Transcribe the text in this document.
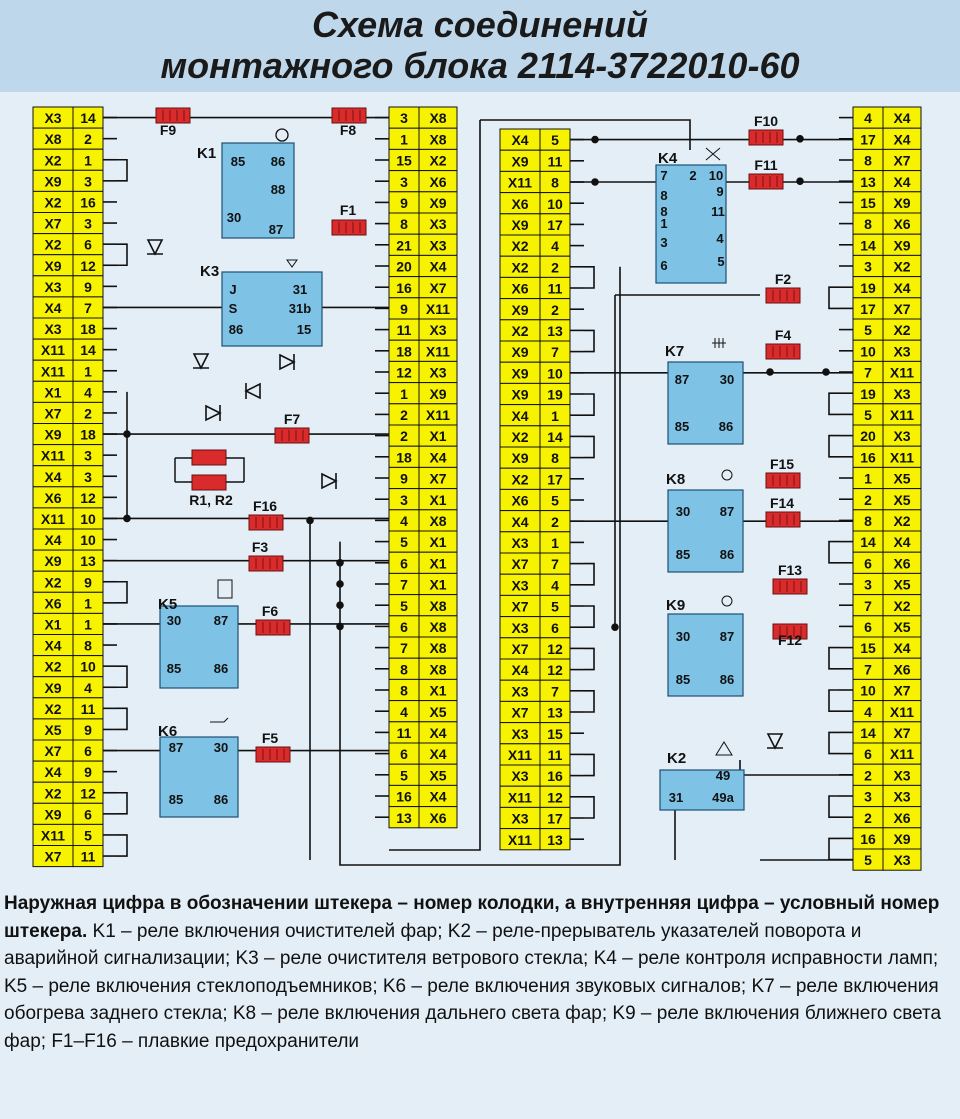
Схема соединений
монтажного блока 2114-3722010-60
X3 14
X8 2
X2 1
X9 3
X2 16
X7 3
X2 6
X9 12
X3 9
X4 7
X3 18
X11 14
X11 1
X1 4
X7 2
X9 18
X11 3
X4 3
X6 12
X11 10
X4 10
X9 13
X2 9
X6 1
X1 1
X4 8
X2 10
X9 4
X2 11
X5 9
X7 6
X4 9
X2 12
X9 6
X11 5
X7 11
3 X8
1 X8
15 X2
3 X6
9 X9
8 X3
21 X3
20 X4
16 X7
9 X11
11 X3
18 X11
12 X3
1 X9
2 X11
2 X1
18 X4
9 X7
3 X1
4 X8
5 X1
6 X1
7 X1
5 X8
6 X8
7 X8
8 X8
8 X1
4 X5
11 X4
6 X4
5 X5
16 X4
13 X6
X4 5
X9 11
X11 8
X6 10
X9 17
X2 4
X2 2
X6 11
X9 2
X2 13
X9 7
X9 10
X9 19
X4 1
X2 14
X9 8
X2 17
X6 5
X4 2
X3 1
X7 7
X3 4
X7 5
X3 6
X7 12
X4 12
X3 7
X7 13
X3 15
X11 11
X3 16
X11 12
X3 17
X11 13
4 X4
17 X4
8 X7
13 X4
15 X9
8 X6
14 X9
3 X2
19 X4
17 X7
5 X2
10 X3
7 X11
19 X3
5 X11
20 X3
16 X11
1 X5
2 X5
8 X2
14 X4
6 X6
3 X5
7 X2
6 X5
15 X4
7 X6
10 X7
4 X11
14 X7
6 X11
2 X3
3 X3
2 X6
16 X9
5 X3
K1 85 86
88
30
87
K3
J	31
S	31b
86	15
K4
7 2 10
8	9
8	11
1
4
3
6	5
K5
30	87
85	86
K6
87 30
85 86
K7
87 30
85 86
K8
30 87
85 86
K9
30 87
85 86
K2
49
31 49a
F9	F8
F1
F7
F16
F3
F6
F5
F10
F11
F2
F4
F15
F14
F13
F12
R1, R2
Наружная цифра в обозначении штекера – номер колодки, а внутренняя цифра – условный номер штекера. K1 – реле включения очистителей фар; K2 – реле-прерыватель указателей поворота и аварийной сигнализации; K3 – реле очистителя ветрового стекла; K4 – реле контроля исправности ламп; K5 – реле включения стеклоподъемников; K6 – реле включения звуковых сигналов; K7 – реле включения обогрева заднего стекла; K8 – реле включения дальнего света фар; K9 – реле включения ближнего света фар; F1–F16 – плавкие предохранители
